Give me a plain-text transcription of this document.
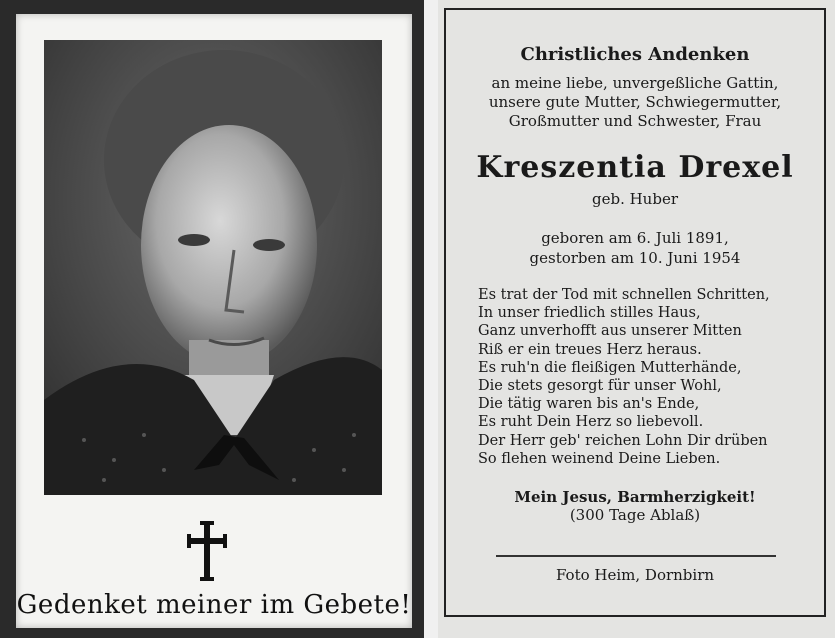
Gedenket meiner im Gebete!
Christliches Andenken
an meine liebe, unvergeßliche Gattin,
unsere gute Mutter, Schwiegermutter,
Großmutter und Schwester, Frau
Kreszentia Drexel
geb. Huber
geboren am 6. Juli 1891,
gestorben am 10. Juni 1954
Es trat der Tod mit schnellen Schritten,
In unser friedlich stilles Haus,
Ganz unverhofft aus unserer Mitten
Riß er ein treues Herz heraus.
Es ruh'n die fleißigen Mutterhände,
Die stets gesorgt für unser Wohl,
Die tätig waren bis an's Ende,
Es ruht Dein Herz so liebevoll.
Der Herr geb' reichen Lohn Dir drüben
So flehen weinend Deine Lieben.
Mein Jesus, Barmherzigkeit!
(300 Tage Ablaß)
Foto Heim, Dornbirn
